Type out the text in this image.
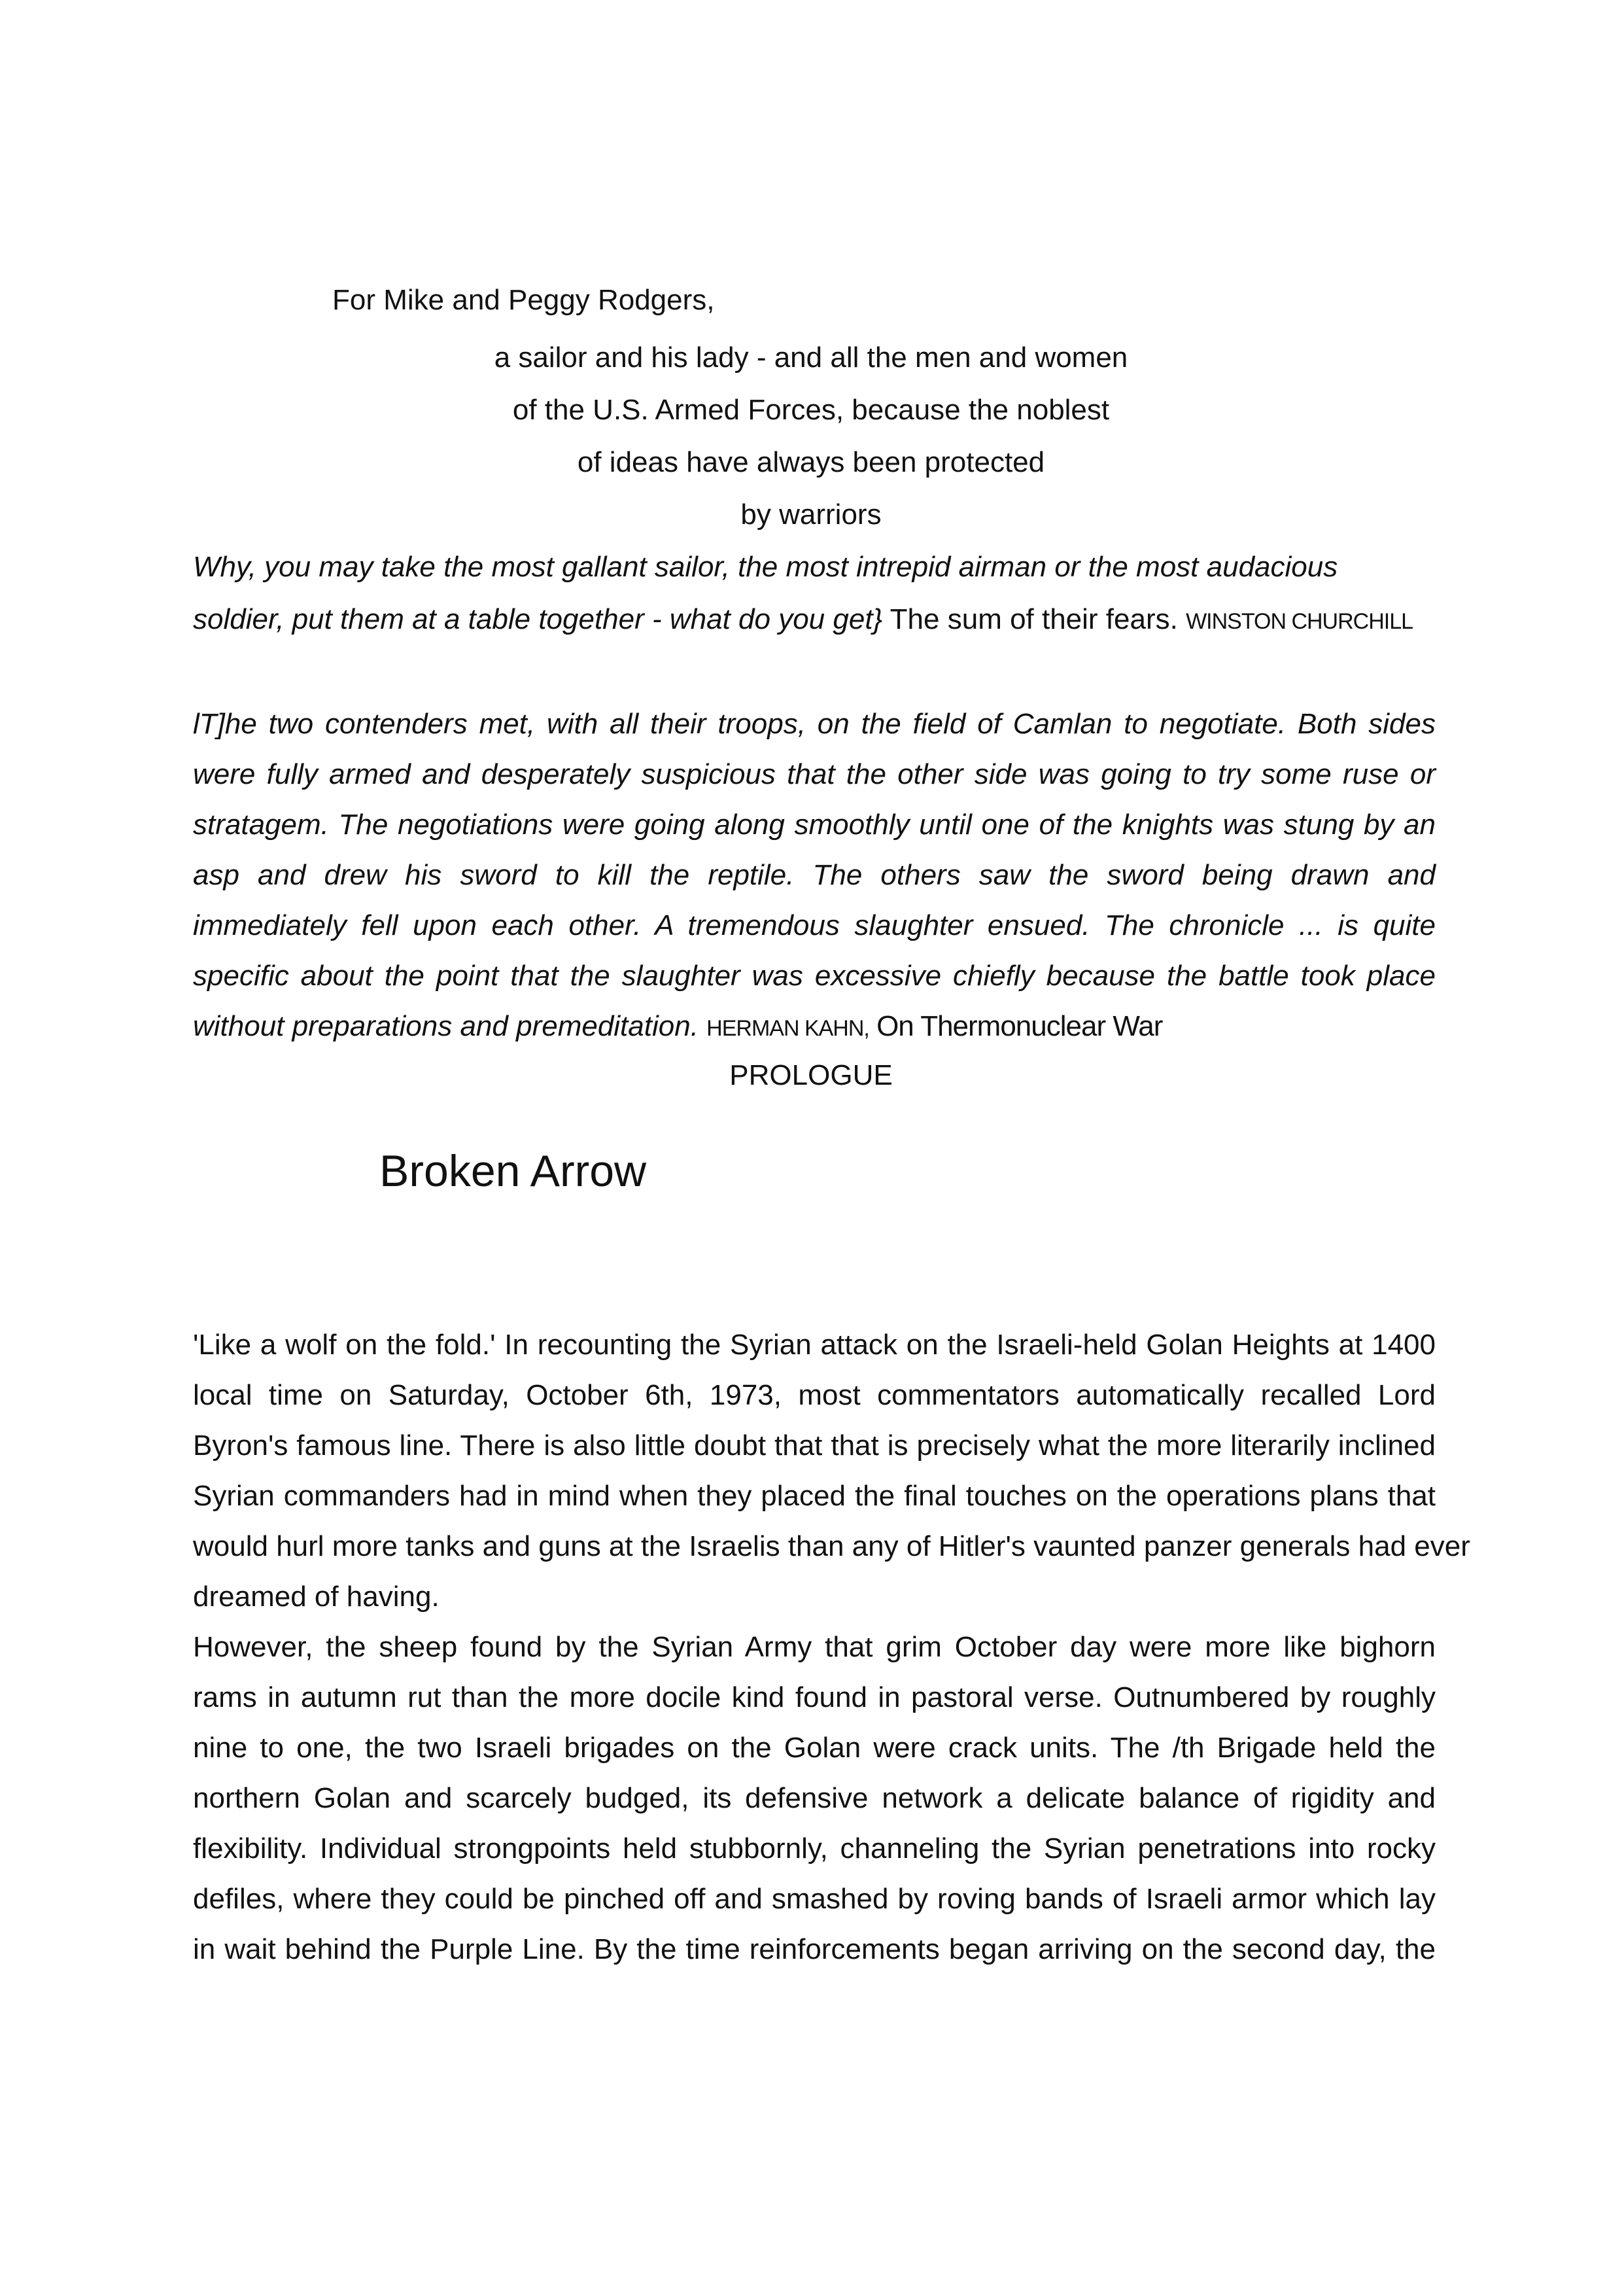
For Mike and Peggy Rodgers,
a sailor and his lady - and all the men and women
of the U.S. Armed Forces, because the noblest
of ideas have always been protected
by warriors
Why, you may take the most gallant sailor, the most intrepid airman or the most audacious
soldier, put them at a table together - what do you get} The sum of their fears. WINSTON CHURCHILL
lT]he two contenders met, with all their troops, on the field of Camlan to negotiate. Both sides
were fully armed and desperately suspicious that the other side was going to try some ruse or
stratagem. The negotiations were going along smoothly until one of the knights was stung by an
asp and drew his sword to kill the reptile. The others saw the sword being drawn and
immediately fell upon each other. A tremendous slaughter ensued. The chronicle ... is quite
specific about the point that the slaughter was excessive chiefly because the battle took place
without preparations and premeditation. HERMAN KAHN, On Thermonuclear War
PROLOGUE
Broken Arrow
'Like a wolf on the fold.' In recounting the Syrian attack on the Israeli-held Golan Heights at 1400
local time on Saturday, October 6th, 1973, most commentators automatically recalled Lord
Byron's famous line. There is also little doubt that that is precisely what the more literarily inclined
Syrian commanders had in mind when they placed the final touches on the operations plans that
would hurl more tanks and guns at the Israelis than any of Hitler's vaunted panzer generals had ever
dreamed of having.
However, the sheep found by the Syrian Army that grim October day were more like bighorn
rams in autumn rut than the more docile kind found in pastoral verse. Outnumbered by roughly
nine to one, the two Israeli brigades on the Golan were crack units. The /th Brigade held the
northern Golan and scarcely budged, its defensive network a delicate balance of rigidity and
flexibility. Individual strongpoints held stubbornly, channeling the Syrian penetrations into rocky
defiles, where they could be pinched off and smashed by roving bands of Israeli armor which lay
in wait behind the Purple Line. By the time reinforcements began arriving on the second day, the
